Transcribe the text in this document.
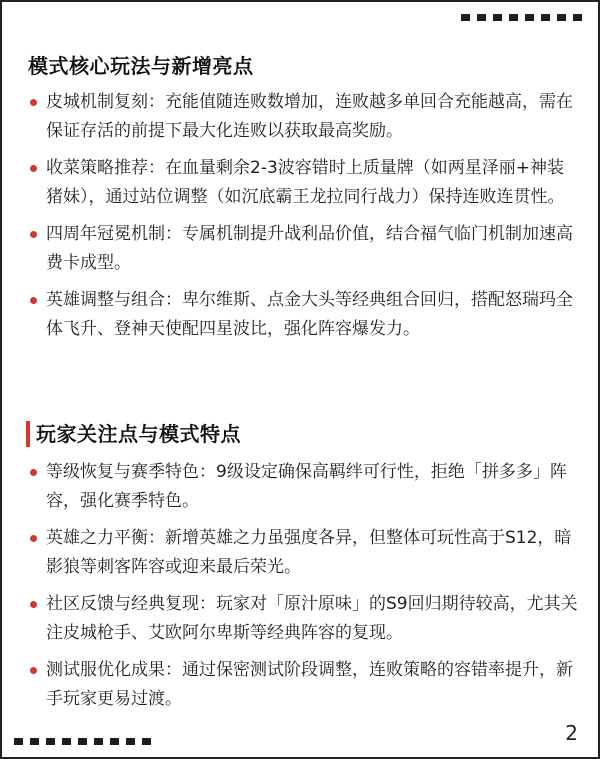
模式核心玩法与新增亮点
皮城机制复刻：充能值随连败数增加，连败越多单回合充能越高，需在保证存活的前提下最大化连败以获取最高奖励。
收菜策略推荐：在血量剩余2-3波容错时上质量牌（如两星泽丽+神装猪妹），通过站位调整（如沉底霸王龙拉同行战力）保持连败连贯性。
四周年冠冕机制：专属机制提升战利品价值，结合福气临门机制加速高费卡成型。
英雄调整与组合：卑尔维斯、点金大头等经典组合回归，搭配怒瑞玛全体飞升、登神天使配四星波比，强化阵容爆发力。
玩家关注点与模式特点
等级恢复与赛季特色：9级设定确保高羁绊可行性，拒绝「拼多多」阵容，强化赛季特色。
英雄之力平衡：新增英雄之力虽强度各异，但整体可玩性高于S12，暗影狼等刺客阵容或迎来最后荣光。
社区反馈与经典复现：玩家对「原汁原味」的S9回归期待较高，尤其关注皮城枪手、艾欧阿尔卑斯等经典阵容的复现。
测试服优化成果：通过保密测试阶段调整，连败策略的容错率提升，新手玩家更易过渡。
2
